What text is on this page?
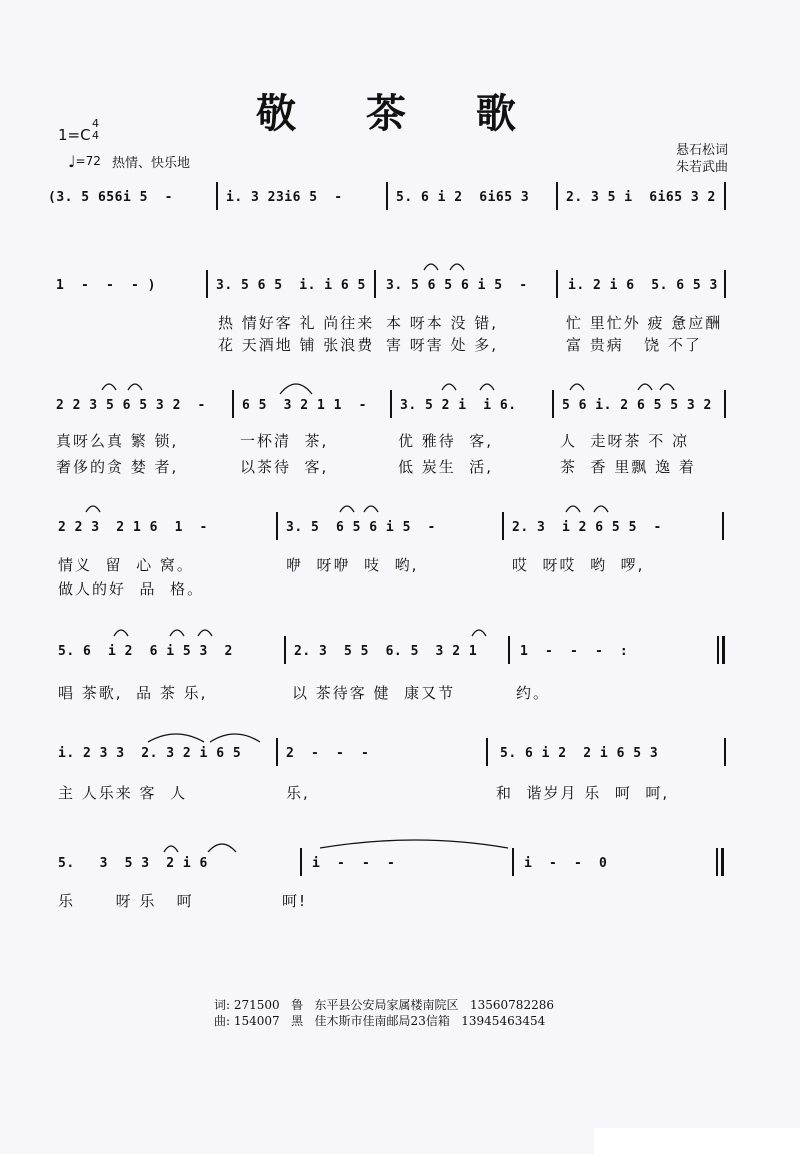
敬 茶 歌
1=C
4
4
♩=72 热情、快乐地
悬石松词
朱若武曲
(3. 5 656i 5  -	i. 3 23i6 5  -	5. 6 i 2  6i65 3	2. 3 5 i  6i65 3 2
1  -  -  - )	3. 5 6 5  i. i 6 5 3. 5 6 5 6 i 5  -	i. 2 i 6  5. 6 5 3
热 情好客 礼 尚往来 本 呀本 没 错,	忙 里忙外 疲 惫应酬
花 天酒地 铺 张浪费 害 呀害 处 多,	富 贵病   饶 不了
2 2 3 5 6 5 3 2  -	6 5  3 2 1 1  -	3. 5 2 i  i 6.	5 6 i. 2 6 5 5 3 2
真呀么真 繁 锁,	一杯清  茶,	优 雅待  客,	人  走呀茶 不 凉
奢侈的贪 婪 者,	以茶待  客,	低 炭生  活,	茶  香 里飘 逸 着
2 2 3  2 1 6  1  -	3. 5  6 5 6 i 5  -	2. 3  i 2 6 5 5  -
情义  留  心 窝。	咿  呀咿  吱  哟,	哎  呀哎  哟  啰,
做人的好  品  格。
5. 6  i 2  6 i 5 3  2	2. 3  5 5  6. 5  3 2 1	1  -  -  -  :
唱 茶歌,  品 茶 乐,	以 茶待客 健  康又节	约。
i. 2 3 3  2. 3 2 i 6 5	2  -  -  -	5. 6 i 2  2 i 6 5 3
主 人乐来 客  人	乐,	和  谐岁月 乐  呵  呵,
5.   3  5 3  2 i 6	i  -  -  -	i  -  -  0
乐      呀 乐   呵	呵!
词: 271500   鲁   东平县公安局家属楼南院区   13560782286
曲: 154007   黑   佳木斯市佳南邮局23信箱   13945463454
